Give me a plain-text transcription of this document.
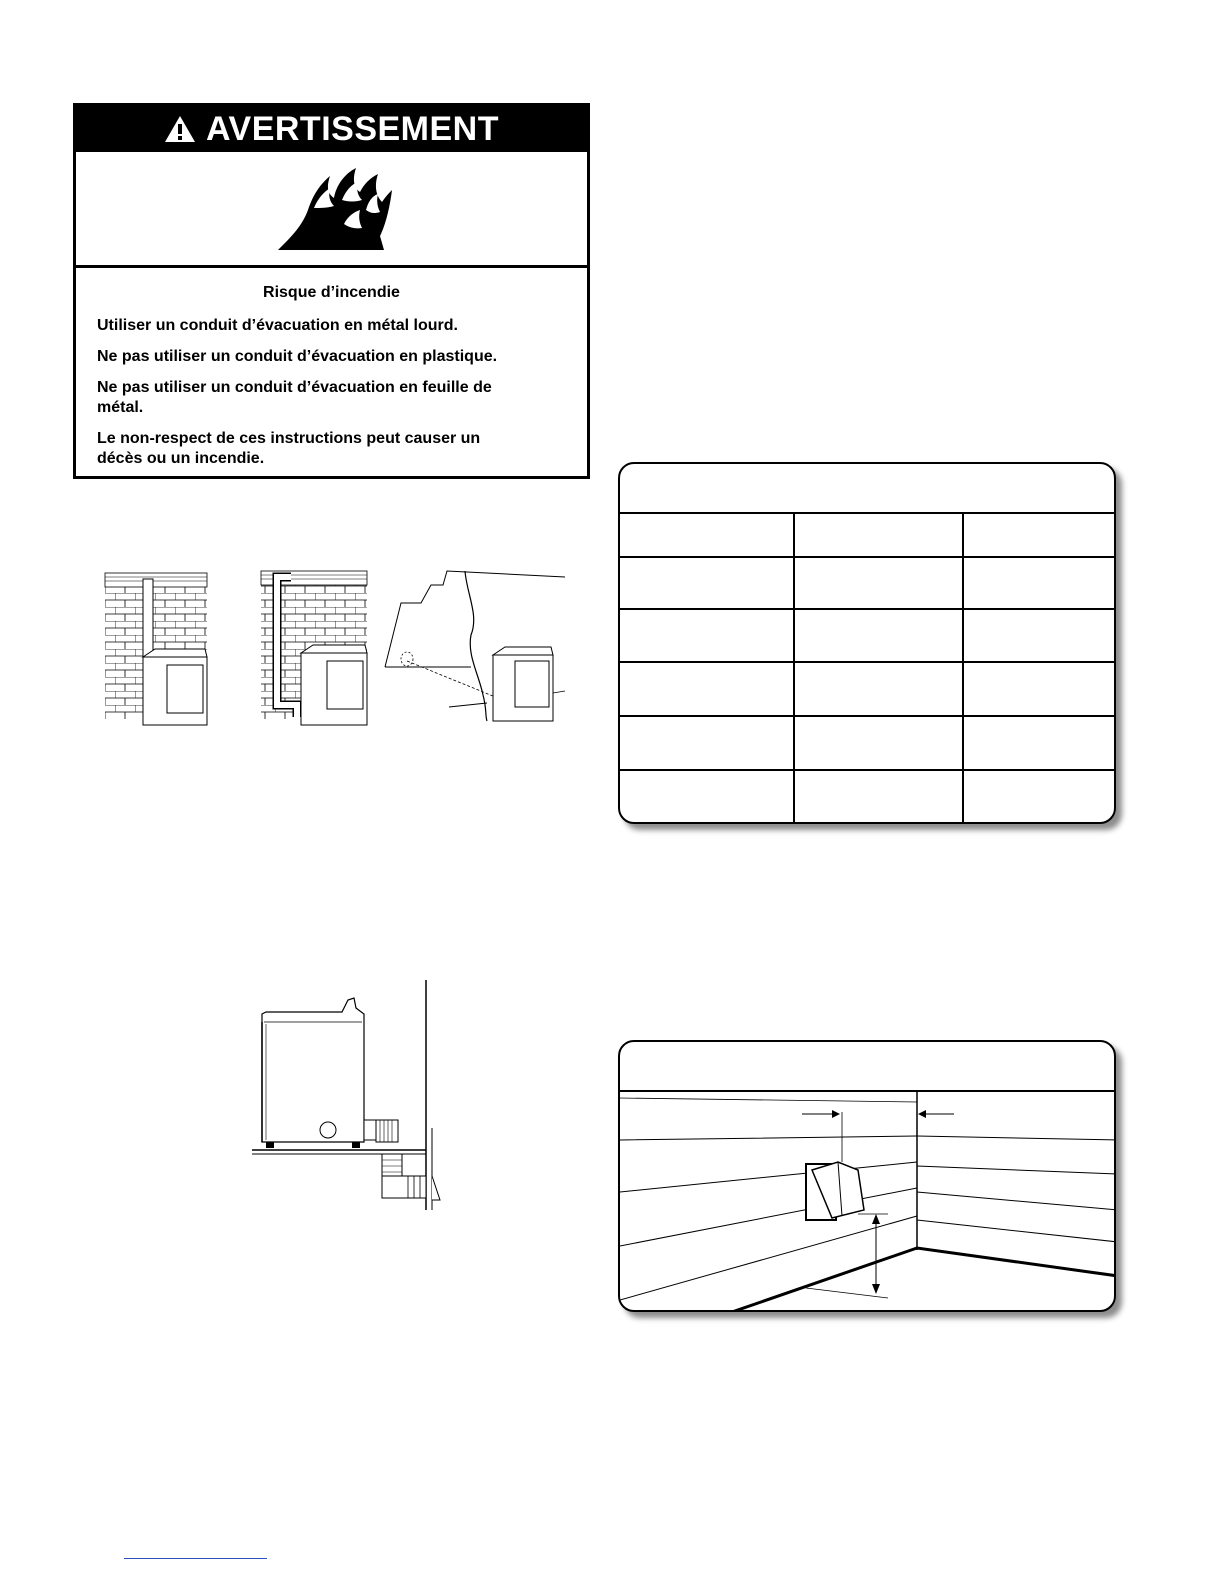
AVERTISSEMENT
Risque d’incendie
Utiliser un conduit d’évacuation en métal lourd.
Ne pas utiliser un conduit d’évacuation en plastique.
Ne pas utiliser un conduit d’évacuation en feuille de métal.
Le non-respect de ces instructions peut causer un décès ou un incendie.
